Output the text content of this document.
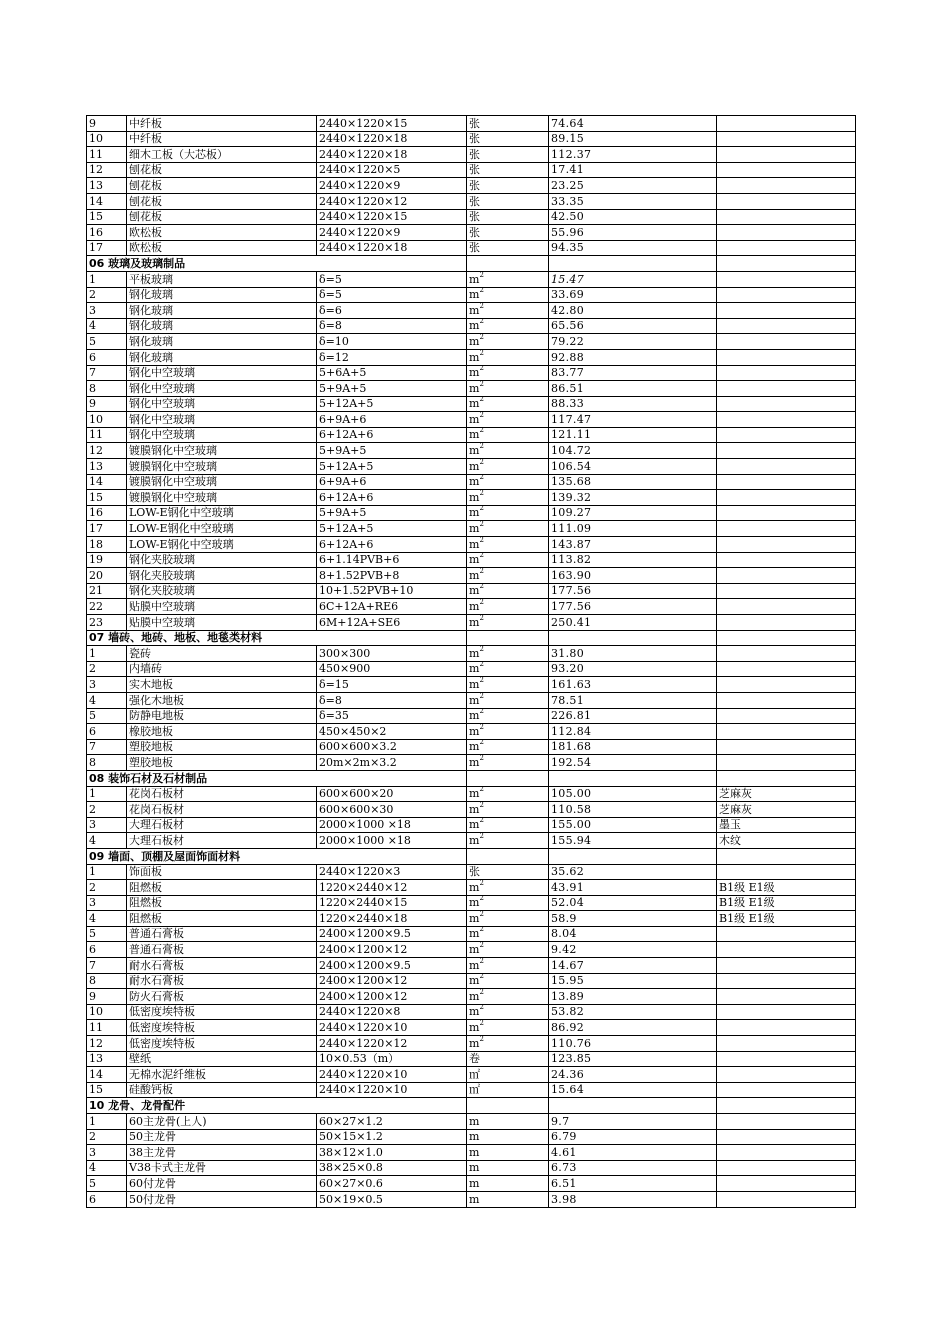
9	中纤板	2440×1220×15	张	74.64	
10	中纤板	2440×1220×18	张	89.15	
11	细木工板（大芯板）	2440×1220×18	张	112.37	
12	刨花板	2440×1220×5	张	17.41	
13	刨花板	2440×1220×9	张	23.25	
14	刨花板	2440×1220×12	张	33.35	
15	刨花板	2440×1220×15	张	42.50	
16	欧松板	2440×1220×9	张	55.96	
17	欧松板	2440×1220×18	张	94.35	
06 玻璃及玻璃制品					
1	平板玻璃	δ=5	$m^2$	15.47	
2	钢化玻璃	δ=5	$m^2$	33.69	
3	钢化玻璃	δ=6	$m^2$	42.80	
4	钢化玻璃	δ=8	$m^2$	65.56	
5	钢化玻璃	δ=10	$m^2$	79.22	
6	钢化玻璃	δ=12	$m^2$	92.88	
7	钢化中空玻璃	5+6A+5	$m^2$	83.77	
8	钢化中空玻璃	5+9A+5	$m^2$	86.51	
9	钢化中空玻璃	5+12A+5	$m^2$	88.33	
10	钢化中空玻璃	6+9A+6	$m^2$	117.47	
11	钢化中空玻璃	6+12A+6	$m^2$	121.11	
12	镀膜钢化中空玻璃	5+9A+5	$m^2$	104.72	
13	镀膜钢化中空玻璃	5+12A+5	$m^2$	106.54	
14	镀膜钢化中空玻璃	6+9A+6	$m^2$	135.68	
15	镀膜钢化中空玻璃	6+12A+6	$m^2$	139.32	
16	LOW-E钢化中空玻璃	5+9A+5	$m^2$	109.27	
17	LOW-E钢化中空玻璃	5+12A+5	$m^2$	111.09	
18	LOW-E钢化中空玻璃	6+12A+6	$m^2$	143.87	
19	钢化夹胶玻璃	6+1.14PVB+6	$m^2$	113.82	
20	钢化夹胶玻璃	8+1.52PVB+8	$m^2$	163.90	
21	钢化夹胶玻璃	10+1.52PVB+10	$m^2$	177.56	
22	贴膜中空玻璃	6C+12A+RE6	$m^2$	177.56	
23	贴膜中空玻璃	6M+12A+SE6	$m^2$	250.41	
07 墙砖、地砖、地板、地毯类材料					
1	瓷砖	300×300	$m^2$	31.80	
2	内墙砖	450×900	$m^2$	93.20	
3	实木地板	δ=15	$m^2$	161.63	
4	强化木地板	δ=8	$m^2$	78.51	
5	防静电地板	δ=35	$m^2$	226.81	
6	橡胶地板	450×450×2	$m^2$	112.84	
7	塑胶地板	600×600×3.2	$m^2$	181.68	
8	塑胶地板	20m×2m×3.2	$m^2$	192.54	
08 装饰石材及石材制品					
1	花岗石板材	600×600×20	$m^2$	105.00	芝麻灰
2	花岗石板材	600×600×30	$m^2$	110.58	芝麻灰
3	大理石板材	2000×1000 ×18	$m^2$	155.00	墨玉
4	大理石板材	2000×1000 ×18	$m^2$	155.94	木纹
09 墙面、顶棚及屋面饰面材料					
1	饰面板	2440×1220×3	张	35.62	
2	阻燃板	1220×2440×12	$m^2$	43.91	B1级 E1级
3	阻燃板	1220×2440×15	$m^2$	52.04	B1级 E1级
4	阻燃板	1220×2440×18	$m^2$	58.9	B1级 E1级
5	普通石膏板	2400×1200×9.5	$m^2$	8.04	
6	普通石膏板	2400×1200×12	$m^2$	9.42	
7	耐水石膏板	2400×1200×9.5	$m^2$	14.67	
8	耐水石膏板	2400×1200×12	$m^2$	15.95	
9	防火石膏板	2400×1200×12	$m^2$	13.89	
10	低密度埃特板	2440×1220×8	$m^2$	53.82	
11	低密度埃特板	2440×1220×10	$m^2$	86.92	
12	低密度埃特板	2440×1220×12	$m^2$	110.76	
13	壁纸	10×0.53（m）	卷	123.85	
14	无棉水泥纤维板	2440×1220×10	㎡	24.36	
15	硅酸钙板	2440×1220×10	㎡	15.64	
10 龙骨、龙骨配件					
1	60主龙骨(上人)	60×27×1.2	m	9.7	
2	50主龙骨	50×15×1.2	m	6.79	
3	38主龙骨	38×12×1.0	m	4.61	
4	V38卡式主龙骨	38×25×0.8	m	6.73	
5	60付龙骨	60×27×0.6	m	6.51	
6	50付龙骨	50×19×0.5	m	3.98	
